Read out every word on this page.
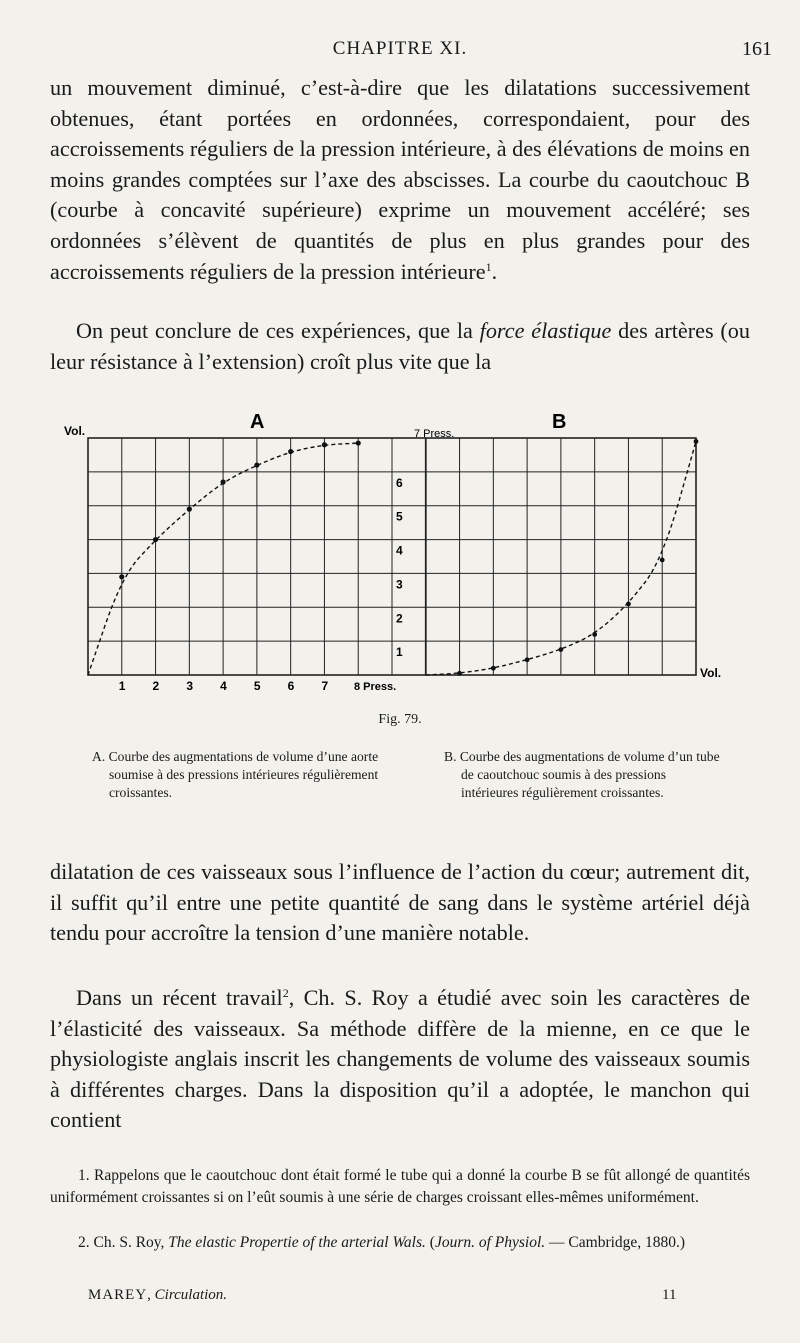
CHAPITRE XI.	161

un mouvement diminué, c’est-à-dire que les dilatations successivement obtenues, étant portées en ordonnées, correspondaient, pour des accroissements réguliers de la pression intérieure, à des élévations de moins en moins grandes comptées sur l’axe des abscisses. La courbe du caoutchouc B (courbe à concavité supérieure) exprime un mouvement accéléré; ses ordonnées s’élèvent de quantités de plus en plus grandes pour des accroissements réguliers de la pression intérieure$^1$.

On peut conclure de ces expériences, que la force élastique des artères (ou leur résistance à l’extension) croît plus vite que la

1 2 3 4 5 6 7
1
2
3
4
5
6
Vol.	A	B
7 Press.
8 Press.
Vol.
Fig. 79.

A. Courbe des augmentations de volume d’une aorte soumise à des pressions intérieures régulièrement croissantes.

B. Courbe des augmentations de volume d’un tube de caoutchouc soumis à des pressions intérieures régulièrement croissantes.

dilatation de ces vaisseaux sous l’influence de l’action du cœur; autrement dit, il suffit qu’il entre une petite quantité de sang dans le système artériel déjà tendu pour accroître la tension d’une manière notable.

Dans un récent travail$^2$, Ch. S. Roy a étudié avec soin les caractères de l’élasticité des vaisseaux. Sa méthode diffère de la mienne, en ce que le physiologiste anglais inscrit les changements de volume des vaisseaux soumis à différentes charges. Dans la disposition qu’il a adoptée, le manchon qui contient

1. Rappelons que le caoutchouc dont était formé le tube qui a donné la courbe B se fût allongé de quantités uniformément croissantes si on l’eût soumis à une série de charges croissant elles-mêmes uniformément.

2. Ch. S. Roy, The elastic Propertie of the arterial Wals. (Journ. of Physiol. — Cambridge, 1880.)

MAREY, Circulation.	11
